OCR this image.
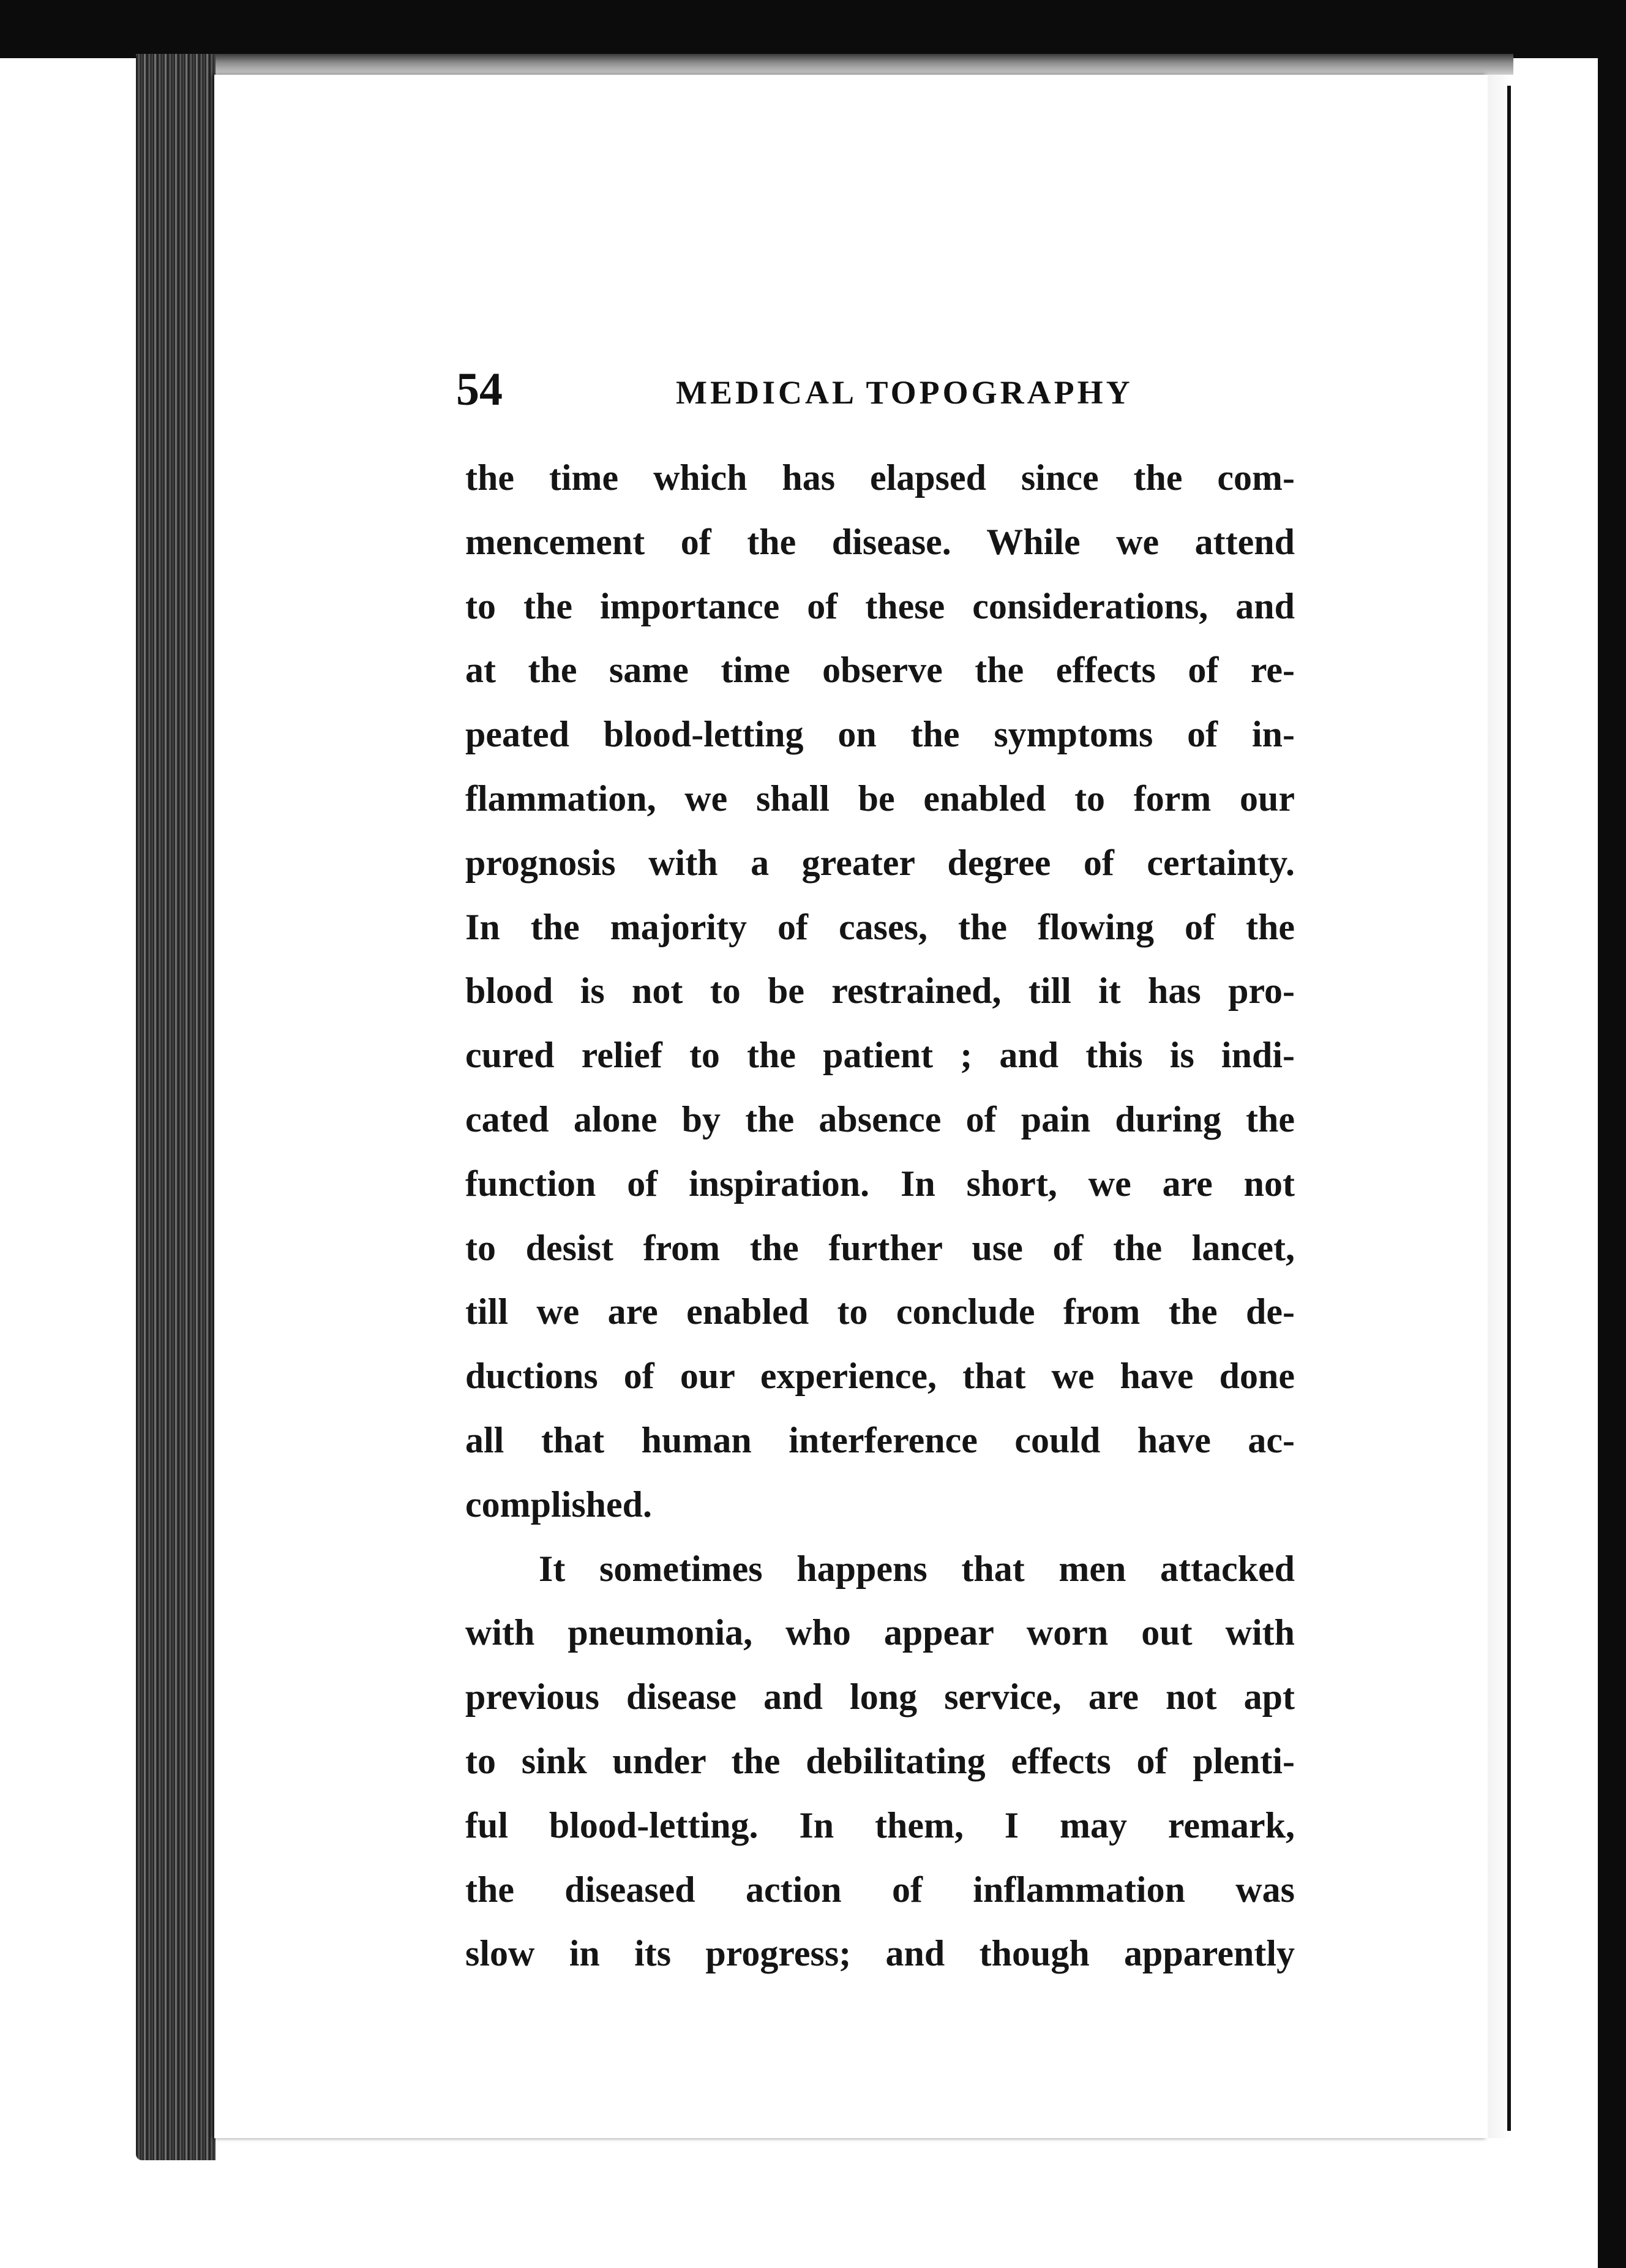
54	MEDICAL TOPOGRAPHY
the time which has elapsed since the com-
mencement of the disease. While we attend
to the importance of these considerations, and
at the same time observe the effects of re-
peated blood-letting on the symptoms of in-
flammation, we shall be enabled to form our
prognosis with a greater degree of certainty.
In the majority of cases, the flowing of the
blood is not to be restrained, till it has pro-
cured relief to the patient ; and this is indi-
cated alone by the absence of pain during the
function of inspiration. In short, we are not
to desist from the further use of the lancet,
till we are enabled to conclude from the de-
ductions of our experience, that we have done
all that human interference could have ac-
complished.
It sometimes happens that men attacked
with pneumonia, who appear worn out with
previous disease and long service, are not apt
to sink under the debilitating effects of plenti-
ful blood-letting. In them, I may remark,
the diseased action of inflammation was
slow in its progress; and though apparently
